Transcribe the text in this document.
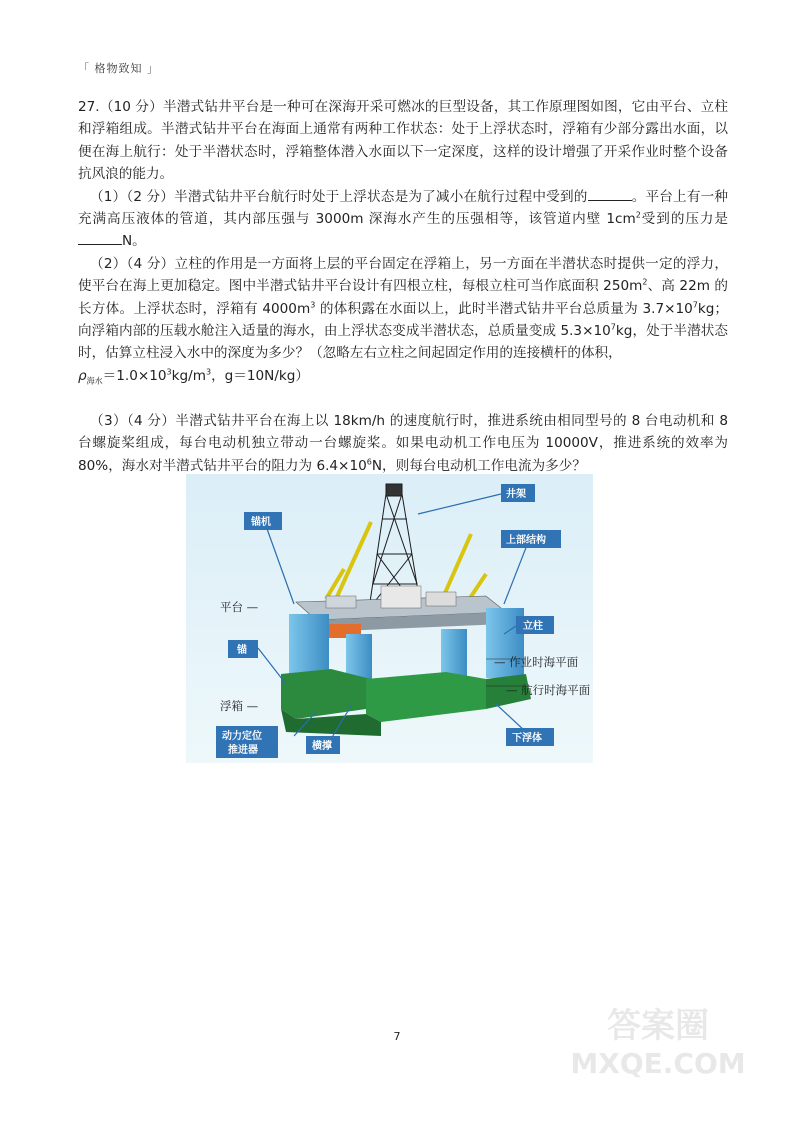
「 格物致知 」

27.（10 分）半潜式钻井平台是一种可在深海开采可燃冰的巨型设备，其工作原理图如图，它由平台、立柱和浮箱组成。半潜式钻井平台在海面上通常有两种工作状态：处于上浮状态时，浮箱有少部分露出水面，以便在海上航行：处于半潜状态时，浮箱整体潜入水面以下一定深度，这样的设计增强了开采作业时整个设备抗风浪的能力。

（1）（2 分）半潜式钻井平台航行时处于上浮状态是为了减小在航行过程中受到的	。平台上有一种充满高压液体的管道，其内部压强与 3000m 深海水产生的压强相等，该管道内壁 $1cm^2$受到的压力是N。

（2）（4 分）立柱的作用是一方面将上层的平台固定在浮箱上，另一方面在半潜状态时提供一定的浮力，使平台在海上更加稳定。图中半潜式钻井平台设计有四根立柱，每根立柱可当作底面积 $250m^2$、高 22m 的长方体。上浮状态时，浮箱有 $4000m^3$ 的体积露在水面以上，此时半潜式钻井平台总质量为 $3.7\times 10^7kg$；向浮箱内部的压载水舱注入适量的海水，由上浮状态变成半潜状态，总质量变成 $5.3\times 10^7kg$，处于半潜状态时，估算立柱浸入水中的深度为多少？（忽略左右立柱之间起固定作用的连接横杆的体积，
$\rho_{海水}=1.0\times 10^3kg/m^3$，g＝10N/kg）

（3）（4 分）半潜式钻井平台在海上以 18km/h 的速度航行时，推进系统由相同型号的 8 台电动机和 8 台螺旋桨组成，每台电动机独立带动一台螺旋桨。如果电动机工作电压为 10000V，推进系统的效率为 80%，海水对半潜式钻井平台的阻力为 $6.4\times 10^6N$，则每台电动机工作电流为多少？

井架
锚机
上部结构
立柱
锚
动力定位
推进器	横撑
下浮体
平台 —
— 作业时海平面
— 航行时海平面
浮箱 —
7	答案圈
MXQE.COM
